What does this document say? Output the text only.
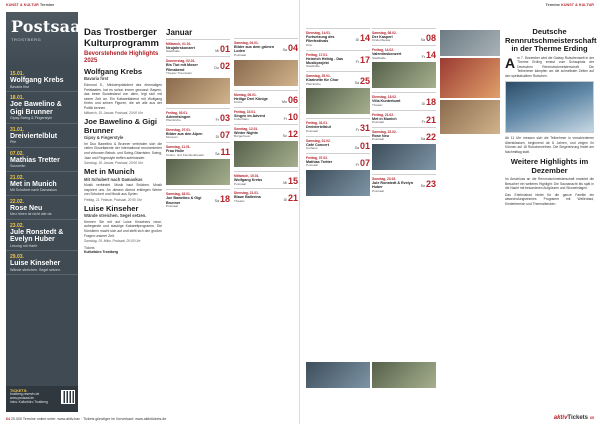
KUNST & KULTUR Termine	Termine KUNST & KULTUR
Postsaal
TROSTBERG
15.01.
Wolfgang Krebs
Bavaria first
18.01.
Joe Bawelino & Gigi Brunner
Gipsy-Swing & Fingerstyle
31.01.
Dreiviertelblut
Plié
07.02.
Mathias Tretter
Souverän
21.02.
Met in Munich
Mit Schubert nach Damaskus
22.02.
Rose Neu
Neu hören ist nicht alle da
23.02.
Jule Ronstedt & Evelyn Huber
Lesung mit Harfe
29.03.
Luise Kinseher
Wände streichen. Segel setzen.
TICKETS:
trostberg-reservix.de
www.postsaal.de
Infos: Kulturbüro Trostberg
Das Trostberger Kulturprogramm
Bevorstehende Highlights 2025
Wolfgang Krebs
Bavaria first

Edmund S., Ministerpräsident des ehemaligen Freistaates, hat es schon immer gewusst: Bayern, das beste Bundesland von allen, legt sich mit seiner Zeit an. Ein Kabarettabend mit Wolfgang Krebs und seinen Figuren, die wir alle aus der Politik kennen.

Mittwoch, 15. Januar, Postsaal, 20:00 Uhr
Joe Bawelino & Gigi Brunner
Gipsy & Fingerstyle

Im Duo Bawelino & Brunner verbinden sich die vielen Einzeltalente der international renommierten und virtuosen Bebob- und Swing-Gitarristen. Swing, Jazz und Fingerstyle treffen aufeinander.

Samstag, 18. Januar, Postsaal, 20:00 Uhr
Met in Munich
Mit Schubert nach Damaskus

Musik verbindet. Musik baut Brücken. Musik inspiriert uns. An diesem Abend erklingen Werke von Schubert und Musik aus Syrien.

Freitag, 21. Februar, Postsaal, 20:00 Uhr
Luise Kinseher
Wände streichen. Segel setzen.

Kennen Sie mit auf Luise Kinsehers neue, aufregende und staubige Kabarettprogramm. Die Künstlerin macht sich auf und stellt sich den großen Fragen unserer Zeit.

Samstag, 29. März, Postsaal, 20:00 Uhr
Tickets
Kulturbüro Trostberg
Januar
Mittwoch, 01.01.
Neujahrskonzert
Stadthalle	Mi 01
Donnerstag, 02.01.
Bis Tiut mit Moser Filmabend
Theater Traunstein
Do 02
Freitag, 03.01.
Adventsingen
Pfarrkirche	Fr 03
Dienstag, 07.01.
Bilder aus den Alpen
Museum	Di 07
Samstag, 11.01.
Frau Holle
Kinder- und Familientheater	Sa 11
Samstag, 18.01.
Joe Bawelino & Gigi Brunner
Postsaal
Sa 18
Samstag, 04.01.
Bilder aus dem grünen Loden
Postsaal
Sa 04
Montag, 06.01.
Heilige Drei Könige
Kirche	Mo 06
Freitag, 10.01.
Singen im Advent
Kulturhaus	Fr 10
Sonntag, 12.01.
Winter Nights
Bürgerhaus	So 12
Mittwoch, 15.01.
Wolfgang Krebs
Postsaal	Mi 15
Dienstag, 21.01.
Blaue Ballerina
Theater	Di 21
Dienstag, 14.01.
Fortsetzung des Filmfestivals
Kino
Di 14
Freitag, 17.01.
Heinrich Helbig - Das Musikprojekt
Stadthalle
Fr 17
Samstag, 25.01.
Klarinette für Chor
Pfarrkirche	Sa 25
Freitag, 31.01.
Dreiviertelblut
Postsaal	Fr 31
Samstag, 01.02.
Café Concert
Kurhaus	Sa 01
Freitag, 07.02.
Mathias Tretter
Postsaal	Fr 07
Samstag, 08.02.
Der Kasperl
Kindertheater	Sa 08
Freitag, 14.02.
Valentinskonzert
Stadthalle	Fr 14
Dienstag, 18.02.
Villa Kunterbunt
Theater	Di 18
Freitag, 21.02.
Met in Munich
Postsaal	Fr 21
Samstag, 22.02.
Rose Neu
Postsaal	Sa 22
Sonntag, 23.02.
Jule Ronstedt & Evelyn Huber
Postsaal
So 23
Deutsche Rennrutschmeisterschaft in der Therme Erding

Am 7. Dezember wird die Galaxy Rutschenwelt in der Therme Erding erneut zum Schauplatz der Deutschen Rennrutschmeisterschaft. Die Teilnehmer kämpfen um die schnellsten Zeiten auf den spektakulären Rutschen.

Ab 11 Uhr messen sich die Teilnehmer in verschiedenen Altersklassen, beginnend ab 8 Jahren, und zeigen ihr Können auf 16 Rutschenreihen. Die Siegerehrung findet am Nachmittag statt.

Weitere Highlights im Dezember

Im Anschluss an die Rennrutschmeisterschaft erwartet die Besucher ein weiteres Highlight: Die Saunanacht bis spät in die Nacht mit besonderen Aufgüssen und Showeinlagen.

Das Erlebnisbad bietet für die ganze Familie ein abwechslungsreiches Programm mit Wellenbad, Kinderbereich und Thermalbecken.

64 20.000 Termine online unter: www.aktiv.bav · Tickets günstiger im Vorverkauf: www.aktivtickets.de	aktivTickets 65
